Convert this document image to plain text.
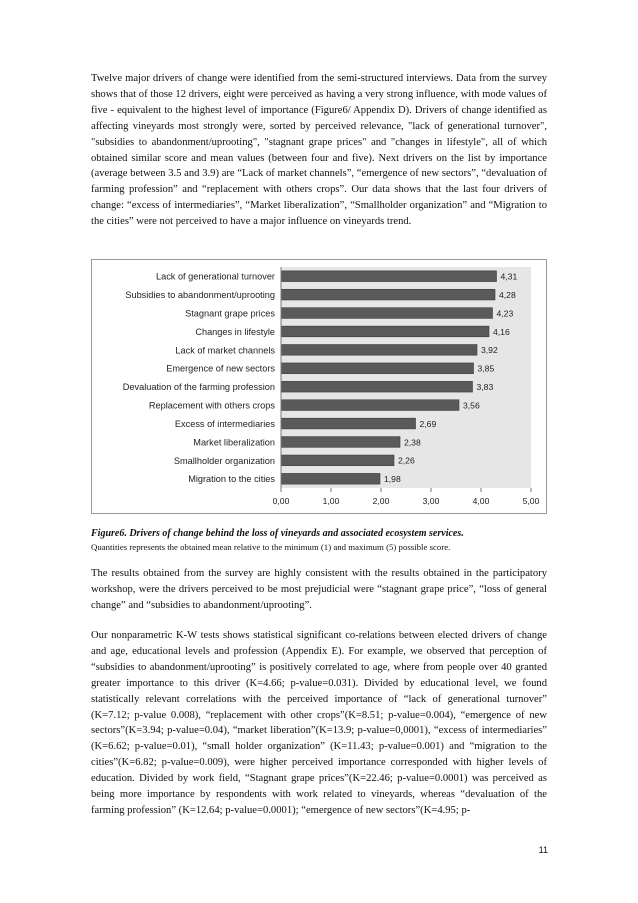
Twelve major drivers of change were identified from the semi-structured interviews. Data from the survey shows that of those 12 drivers, eight were perceived as having a very strong influence, with mode values of five - equivalent to the highest level of importance (Figure6/ Appendix D). Drivers of change identified as affecting vineyards most strongly were, sorted by perceived relevance, "lack of generational turnover", "subsidies to abandonment/uprooting", "stagnant grape prices" and "changes in lifestyle", all of which obtained similar score and mean values (between four and five). Next drivers on the list by importance (average between 3.5 and 3.9) are “Lack of market channels”, “emergence of new sectors”, “devaluation of farming profession” and “replacement with others crops”. Our data shows that the last four drivers of change: “excess of intermediaries”, “Market liberalization”, “Smallholder organization” and “Migration to the cities” were not perceived to have a major influence on vineyards trend.

Lack of generational turnover	4,31
Subsidies to abandonment/uprooting	4,28
Stagnant grape prices	4,23
Changes in lifestyle	4,16
Lack of market channels	3,92
Emergence of new sectors	3,85
Devaluation of the farming profession	3,83
Replacement with others crops	3,56
Excess of intermediaries	2,69
Market liberalization	2,38
Smallholder organization	2,26
Migration to the cities	1,98
0,00	1,00	2,00	3,00	4,00	5,00
Figure6. Drivers of change behind the loss of vineyards and associated ecosystem services.
Quantities represents the obtained mean relative to the minimum (1) and maximum (5) possible score.

The results obtained from the survey are highly consistent with the results obtained in the participatory workshop, were the drivers perceived to be most prejudicial were “stagnant grape price”, “loss of general change” and “subsidies to abandonment/uprooting”.

Our nonparametric K-W tests shows statistical significant co-relations between elected drivers of change and age, educational levels and profession (Appendix E). For example, we observed that perception of “subsidies to abandonment/uprooting” is positively correlated to age, where from people over 40 granted greater importance to this driver (K=4.66; p-value=0.031). Divided by educational level, we found statistically relevant correlations with the perceived importance of “lack of generational turnover” (K=7.12; p-value 0.008), “replacement with other crops”(K=8.51; p-value=0.004), “emergence of new sectors”(K=3.94; p-value=0.04), “market liberation”(K=13.9; p-value=0,0001), “excess of intermediaries” (K=6.62; p-value=0.01), “small holder organization” (K=11.43; p-value=0.001) and “migration to the cities”(K=6.82; p-value=0.009), were higher perceived importance corresponded with higher levels of education. Divided by work field, “Stagnant grape prices”(K=22.46; p-value=0.0001) was perceived as being more importance by respondents with work related to vineyards, whereas “devaluation of the farming profession” (K=12.64; p-value=0.0001); “emergence of new sectors”(K=4.95; p-

11
